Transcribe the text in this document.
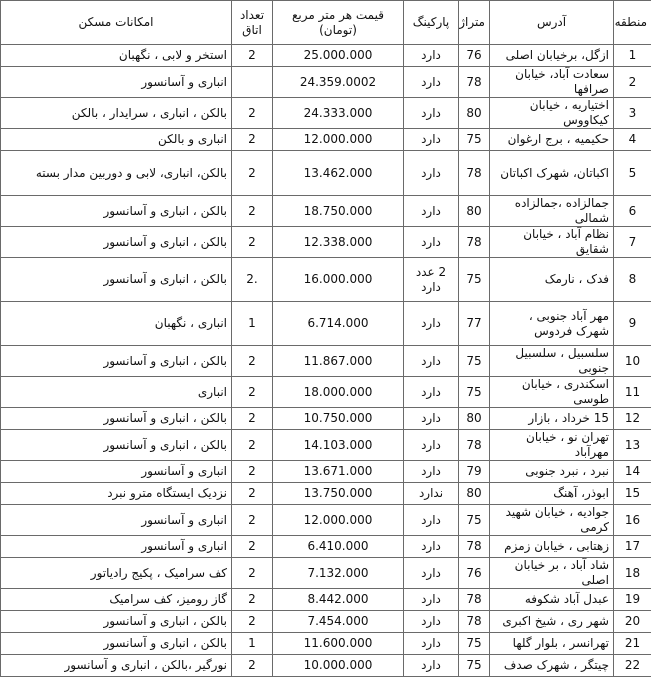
منطقه	آدرس	متراژ	پارکینگ	قیمت هر متر مربع (تومان)	تعداد اتاق	امکانات مسکن
1	ازگل، برخیابان اصلی	76	دارد	25.000.000	2	استخر و لابی ، نگهبان
2	سعادت آباد، خیابان صرافها	78	دارد	24.359.0002		انباری و آسانسور
3	اختیاریه ، خیابان کیکاووس	80	دارد	24.333.000	2	بالکن ، انباری ، سرایدار ، بالکن
4	حکیمیه ، برج ارغوان	75	دارد	12.000.000	2	انباری و بالکن
5	اکباتان، شهرک اکباتان	78	دارد	13.462.000	2	بالکن، انباری، لابی و دوربین مدار بسته
6	جمالزاده ،جمالزاده شمالی	80	دارد	18.750.000	2	بالکن ، انباری و آسانسور
7	نظام آباد ، خیابان شقایق	78	دارد	12.338.000	2	بالکن ، انباری و آسانسور
8	فدک ، نارمک	75	2 عدد دارد	16.000.000	.2	بالکن ، انباری و آسانسور
9	مهر آباد جنوبی ، شهرک فردوس	77	دارد	6.714.000	1	انباری ، نگهبان
10	سلسبیل ، سلسبیل جنوبی	75	دارد	11.867.000	2	بالکن ، انباری و آسانسور
11	اسکندری ، خیابان طوسی	75	دارد	18.000.000	2	انباری
12	15 خرداد ، بازار	80	دارد	10.750.000	2	بالکن ، انباری و آسانسور
13	تهران نو ، خیابان مهرآباد	78	دارد	14.103.000	2	بالکن ، انباری و آسانسور
14	نبرد ، نبرد جنوبی	79	دارد	13.671.000	2	انباری و آسانسور
15	ابوذر، آهنگ	80	ندارد	13.750.000	2	نزدیک ایستگاه مترو نبرد
16	جوادیه ، خیابان شهید کرمی	75	دارد	12.000.000	2	انباری و آسانسور
17	زهتابی ، خیابان زمزم	78	دارد	6.410.000	2	انباری و آسانسور
18	شاد آباد ، بر خیابان اصلی	76	دارد	7.132.000	2	کف سرامیک ، پکیج رادیاتور
19	عبدل آباد شکوفه	78	دارد	8.442.000	2	گاز رومیز، کف سرامیک
20	شهر ری ، شیخ اکبری	78	دارد	7.454.000	2	بالکن ، انباری و آسانسور
21	تهرانسر ، بلوار گلها	75	دارد	11.600.000	1	بالکن ، انباری و آسانسور
22	چیتگر ، شهرک صدف	75	دارد	10.000.000	2	نورگیر ،بالکن ، انباری و آسانسور
